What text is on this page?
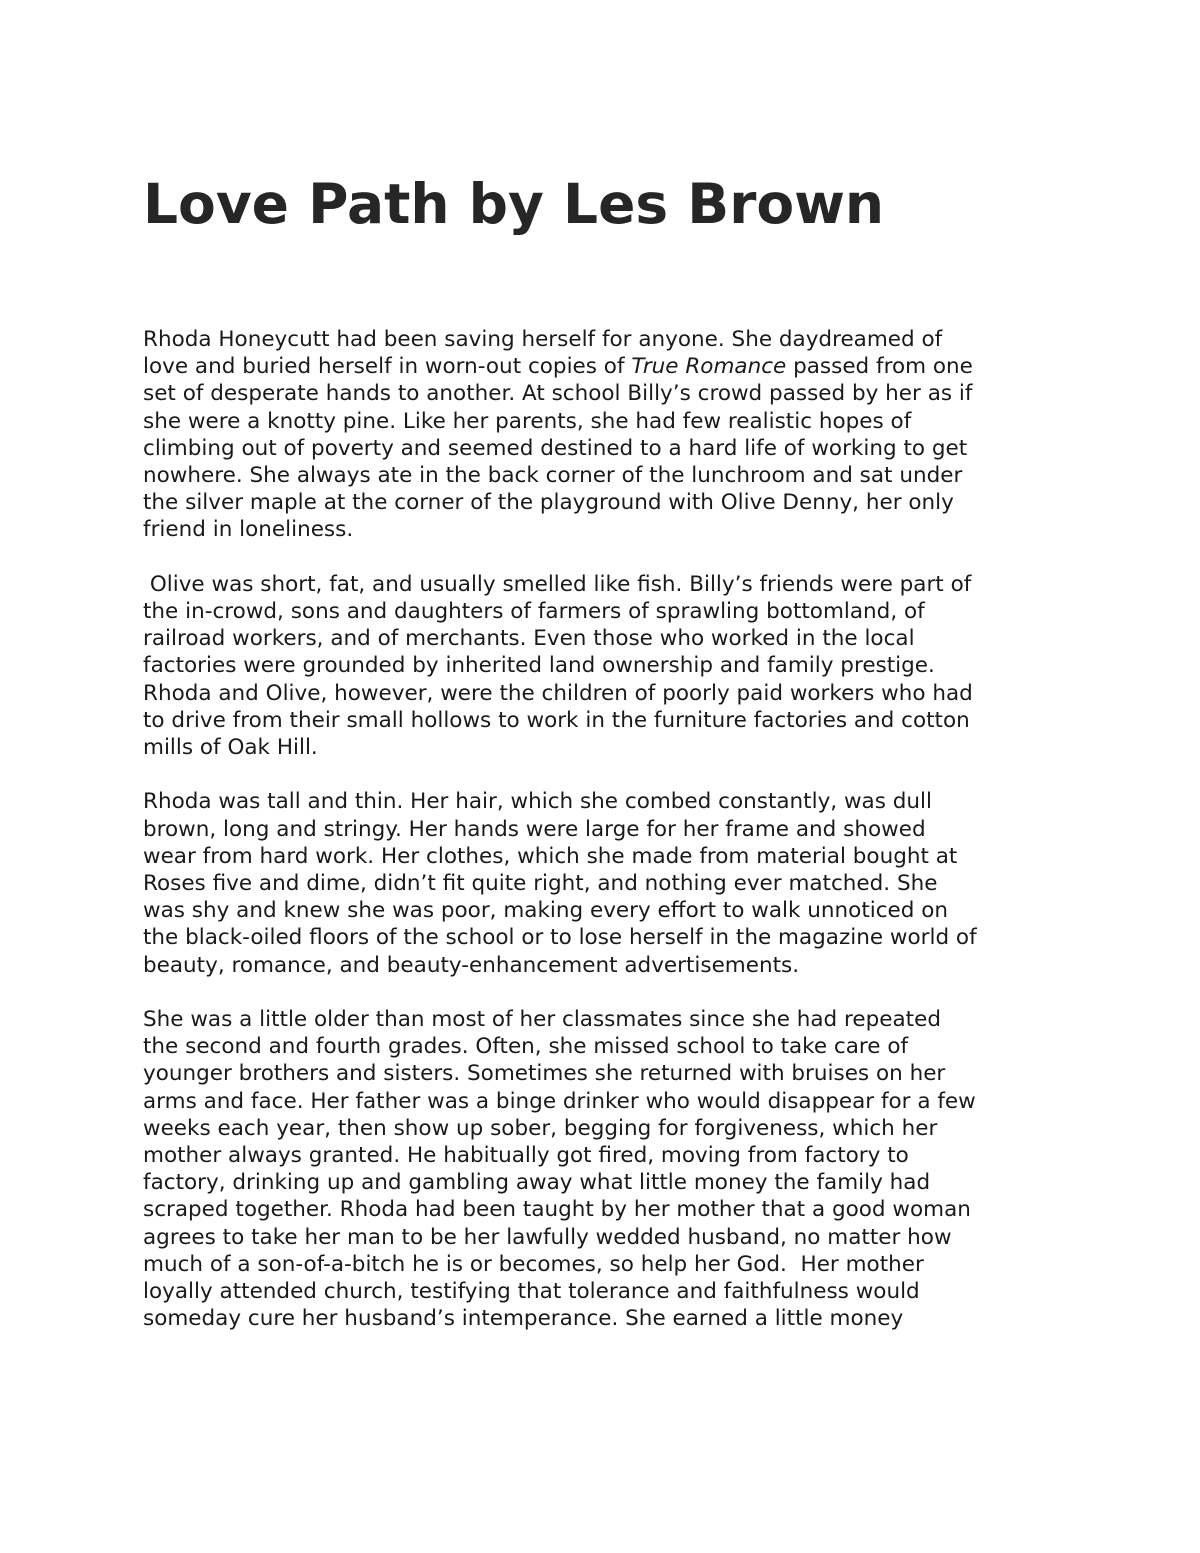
Love Path by Les Brown

Rhoda Honeycutt had been saving herself for anyone. She daydreamed of
love and buried herself in worn-out copies of True Romance passed from one
set of desperate hands to another. At school Billy’s crowd passed by her as if
she were a knotty pine. Like her parents, she had few realistic hopes of
climbing out of poverty and seemed destined to a hard life of working to get
nowhere. She always ate in the back corner of the lunchroom and sat under
the silver maple at the corner of the playground with Olive Denny, her only
friend in loneliness.

Olive was short, fat, and usually smelled like fish. Billy’s friends were part of
the in-crowd, sons and daughters of farmers of sprawling bottomland, of
railroad workers, and of merchants. Even those who worked in the local
factories were grounded by inherited land ownership and family prestige.
Rhoda and Olive, however, were the children of poorly paid workers who had
to drive from their small hollows to work in the furniture factories and cotton
mills of Oak Hill.

Rhoda was tall and thin. Her hair, which she combed constantly, was dull
brown, long and stringy. Her hands were large for her frame and showed
wear from hard work. Her clothes, which she made from material bought at
Roses five and dime, didn’t fit quite right, and nothing ever matched. She
was shy and knew she was poor, making every effort to walk unnoticed on
the black-oiled floors of the school or to lose herself in the magazine world of
beauty, romance, and beauty-enhancement advertisements.

She was a little older than most of her classmates since she had repeated
the second and fourth grades. Often, she missed school to take care of
younger brothers and sisters. Sometimes she returned with bruises on her
arms and face. Her father was a binge drinker who would disappear for a few
weeks each year, then show up sober, begging for forgiveness, which her
mother always granted. He habitually got fired, moving from factory to
factory, drinking up and gambling away what little money the family had
scraped together. Rhoda had been taught by her mother that a good woman
agrees to take her man to be her lawfully wedded husband, no matter how
much of a son-of-a-bitch he is or becomes, so help her God.  Her mother
loyally attended church, testifying that tolerance and faithfulness would
someday cure her husband’s intemperance. She earned a little money
